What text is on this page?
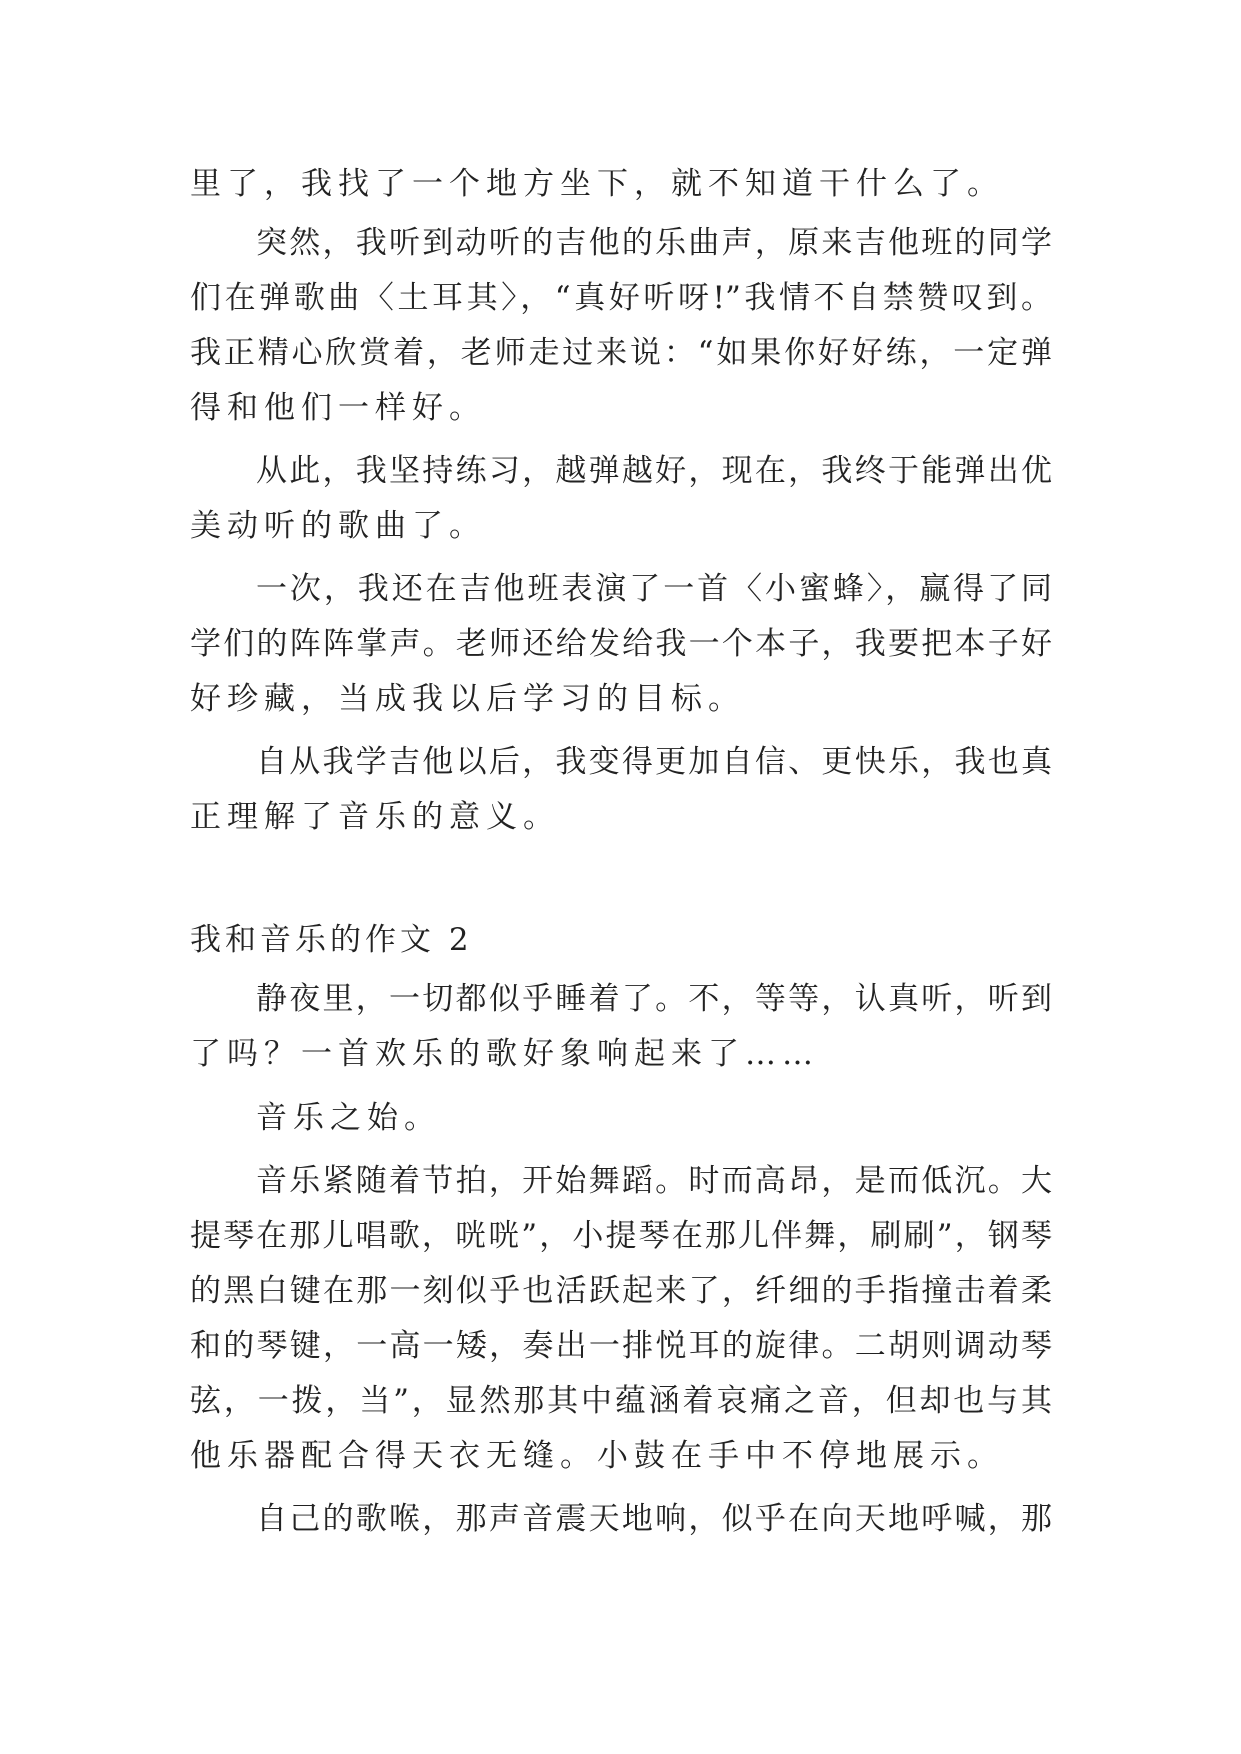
里了，我找了一个地方坐下，就不知道干什么了。
突然，我听到动听的吉他的乐曲声，原来吉他班的同学
们在弹歌曲〈土耳其〉，“真好听呀!”我情不自禁赞叹到。
我正精心欣赏着，老师走过来说：“如果你好好练，一定弹
得和他们一样好。
从此，我坚持练习，越弹越好，现在，我终于能弹出优
美动听的歌曲了。
一次，我还在吉他班表演了一首〈小蜜蜂〉，赢得了同
学们的阵阵掌声。老师还给发给我一个本子，我要把本子好
好珍藏，当成我以后学习的目标。
自从我学吉他以后，我变得更加自信、更快乐，我也真
正理解了音乐的意义。
我和音乐的作文 2
静夜里，一切都似乎睡着了。不，等等，认真听，听到
了吗？一首欢乐的歌好象响起来了……
音乐之始。
音乐紧随着节拍，开始舞蹈。时而高昂，是而低沉。大
提琴在那儿唱歌，咣咣”，小提琴在那儿伴舞，刷刷”，钢琴
的黑白键在那一刻似乎也活跃起来了，纤细的手指撞击着柔
和的琴键，一高一矮，奏出一排悦耳的旋律。二胡则调动琴
弦，一拨，当”，显然那其中蕴涵着哀痛之音，但却也与其
他乐器配合得天衣无缝。小鼓在手中不停地展示。
自己的歌喉，那声音震天地响，似乎在向天地呼喊，那
